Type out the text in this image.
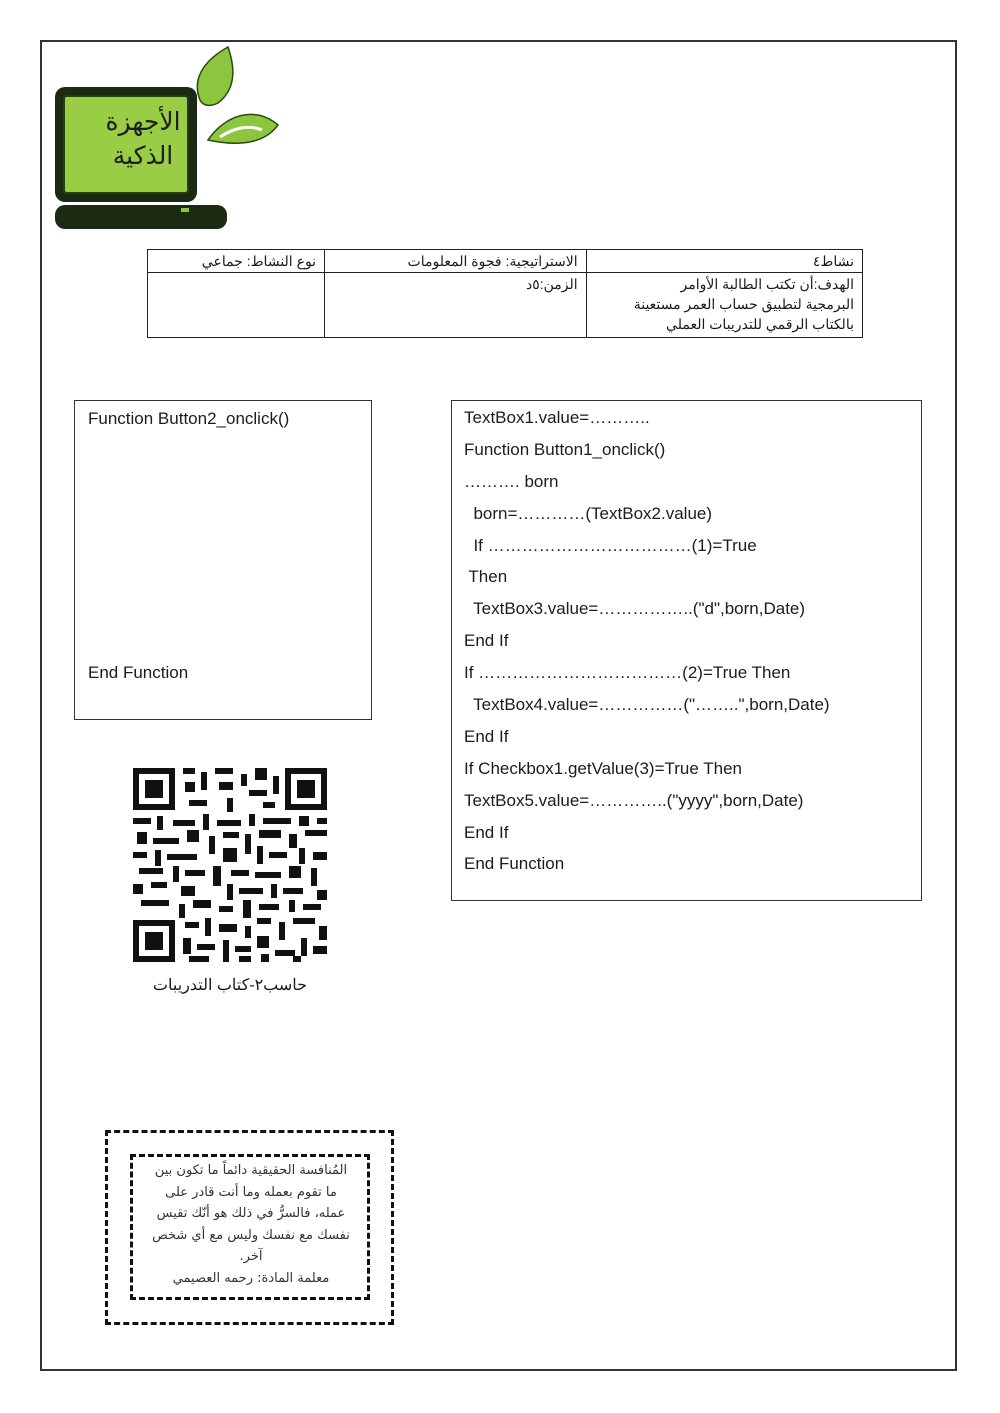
الأجهزة
الذكية
نشاط٤	الاستراتيجية: فجوة المعلومات	نوع النشاط: جماعي

الهدف:أن تكتب الطالبة الأوامر
البرمجية لتطبيق حساب العمر مستعينة
بالكتاب الرقمي للتدريبات العملي	الزمن:٥د	
Function Button2_onclick()
End Function
TextBox1.value=………..
Function Button1_onclick()
………. born
born=…………(TextBox2.value)
If ………………………………(1)=True
Then
TextBox3.value=……………..("d",born,Date)
End If
If ………………………………(2)=True Then
TextBox4.value=……………("……..",born,Date)
End If
If Checkbox1.getValue(3)=True Then
TextBox5.value=…………..("yyyy",born,Date)
End If
End Function
حاسب٢-كتاب التدريبات
المُنافسة الحقيقية دائماً ما تكون بين
ما تقوم بعمله وما أنت قادر على
عمله، فالسرُّ في ذلك هو أنّك تقيس
نفسك مع نفسك وليس مع أي شخص
آخر.
معلمة المادة: رحمه العصيمي
